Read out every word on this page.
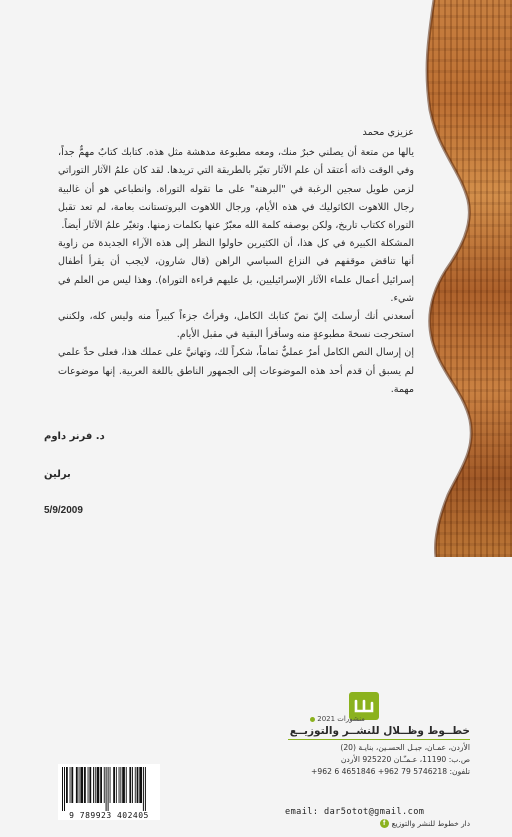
عزيزي محمد

يالها من متعة أن يصلني خبرٌ منك، ومعه مطبوعة مدهشة مثل هذه. كتابك كتابٌ مهمٌّ جداً، وفي الوقت ذاته أعتقد أن علم الآثار تغيّر بالطريقة التي تريدها. لقد كان علمُ الآثار التوراتي لزمن طويل سجين الرغبة في "البرهنة" على ما تقوله التوراة. وانطباعي هو أن غالبية رجال اللاهوت الكاثوليك في هذه الأيام، ورجال اللاهوت البروتستانت بعامة، لم تعد تقبل التوراة ككتاب تاريخ، ولكن بوصفه كلمة الله معبّرٌ عنها بكلمات زمنها. وتغيّر علمُ الآثار أيضاً.

المشكلة الكبيرة في كل هذا، أن الكثيرين حاولوا النظر إلى هذه الآراء الجديدة من زاوية أنها تناقض موقفهم في النزاع السياسي الراهن (قال شارون، لايجب أن يقرأ أطفال إسرائيل أعمال علماء الآثار الإسرائيليين، بل عليهم قراءة التوراة). وهذا ليس من العلم في شيء.

أسعدني أنك أرسلتَ إليّ نصّ كتابك الكامل، وقرأتُ جزءاً كبيراً منه وليس كله، ولكنني استخرجت نسخةَ مطبوعةٍ منه وسأقرأ البقية في مقبل الأيام.

إن إرسال النص الكامل أمرٌ عمليٌّ تماماً، شكراً لك، وتهانيَّ على عملك هذا، فعلى حدِّ علمي لم يسبق أن قدم أحد هذه الموضوعات إلى الجمهور الناطق باللغة العربية. إنها موضوعات مهمة.

د. فرنر داوم
برلين
5/9/2009
منشورات 2021
خطــوط وظــلال للنشــر والتوزيــع
الأردن، عمـان، جبـل الحسـين، بنايـة (20)
ص.ب: 11190، عـمـّـان 925220 الأردن
تلفون: 5746218 79 962+ 4651846 6 962+
email: dar5otot@gmail.com
دار خطوط للنشر والتوزيع
f
9 789923 402405
